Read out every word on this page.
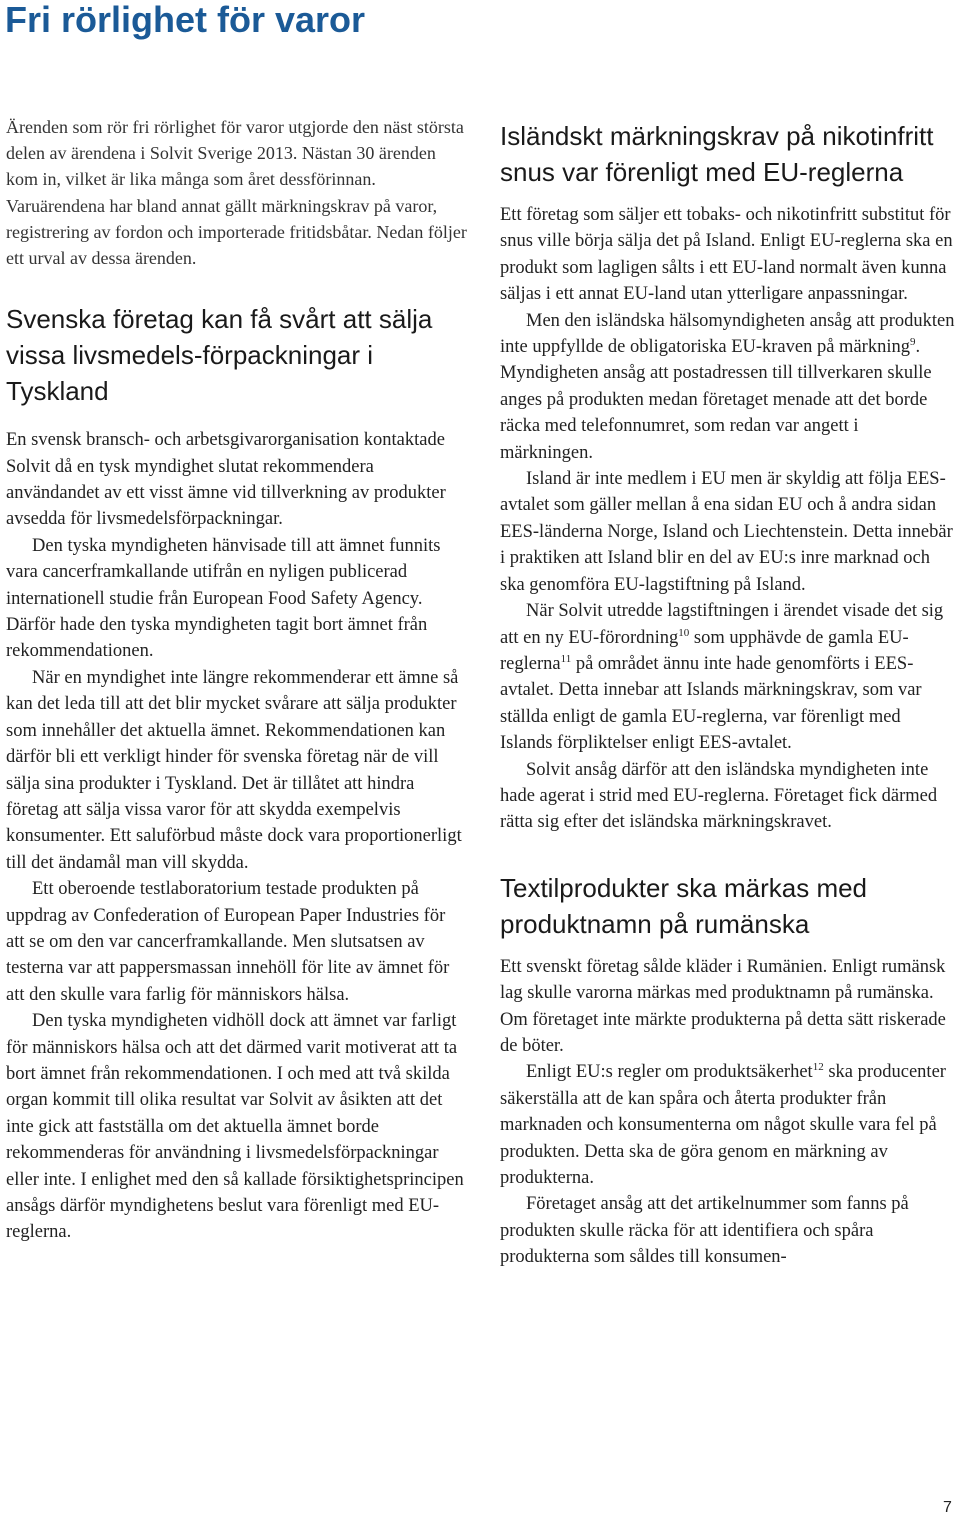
Fri rörlighet för varor

Ärenden som rör fri rörlighet för varor utgjorde den näst största delen av ärendena i Solvit Sverige 2013. Nästan 30 ärenden kom in, vilket är lika många som året dessförinnan. Varuärendena har bland annat gällt märkningskrav på varor, registrering av fordon och importerade fritidsbåtar. Nedan följer ett urval av dessa ärenden.

Svenska företag kan få svårt att sälja vissa livsmedels-förpackningar i Tyskland

En svensk bransch- och arbetsgivarorganisation kontaktade Solvit då en tysk myndighet slutat rekommendera användandet av ett visst ämne vid tillverkning av produkter avsedda för livsmedelsförpackningar.

Den tyska myndigheten hänvisade till att ämnet funnits vara cancerframkallande utifrån en nyligen publicerad internationell studie från European Food Safety Agency. Därför hade den tyska myndigheten tagit bort ämnet från rekommendationen.

När en myndighet inte längre rekommenderar ett ämne så kan det leda till att det blir mycket svårare att sälja produkter som innehåller det aktuella ämnet. Rekommendationen kan därför bli ett verkligt hinder för svenska företag när de vill sälja sina produkter i Tyskland. Det är tillåtet att hindra företag att sälja vissa varor för att skydda exempelvis konsumenter. Ett saluförbud måste dock vara proportionerligt till det ändamål man vill skydda.

Ett oberoende testlaboratorium testade produkten på uppdrag av Confederation of European Paper Industries för att se om den var cancerframkallande. Men slutsatsen av testerna var att pappersmassan innehöll för lite av ämnet för att den skulle vara farlig för människors hälsa.

Den tyska myndigheten vidhöll dock att ämnet var farligt för människors hälsa och att det därmed varit motiverat att ta bort ämnet från rekommendationen. I och med att två skilda organ kommit till olika resultat var Solvit av åsikten att det inte gick att fastställa om det aktuella ämnet borde rekommenderas för användning i livsmedelsförpackningar eller inte. I enlighet med den så kallade försiktighetsprincipen ansågs därför myndighetens beslut vara förenligt med EU-reglerna.

Isländskt märkningskrav på nikotinfritt snus var förenligt med EU-reglerna

Ett företag som säljer ett tobaks- och nikotinfritt substitut för snus ville börja sälja det på Island. Enligt EU-reglerna ska en produkt som lagligen sålts i ett EU-land normalt även kunna säljas i ett annat EU-land utan ytterligare anpassningar.

Men den isländska hälsomyndigheten ansåg att produkten inte uppfyllde de obligatoriska EU-kraven på märkning$^9$. Myndigheten ansåg att postadressen till tillverkaren skulle anges på produkten medan företaget menade att det borde räcka med telefonnumret, som redan var angett i märkningen.

Island är inte medlem i EU men är skyldig att följa EES-avtalet som gäller mellan å ena sidan EU och å andra sidan EES-länderna Norge, Island och Liechtenstein. Detta innebär i praktiken att Island blir en del av EU:s inre marknad och ska genomföra EU-lagstiftning på Island.

När Solvit utredde lagstiftningen i ärendet visade det sig att en ny EU-förordning$^{10}$ som upphävde de gamla EU-reglerna$^{11}$ på området ännu inte hade genomförts i EES-avtalet. Detta innebar att Islands märkningskrav, som var ställda enligt de gamla EU-reglerna, var förenligt med Islands förpliktelser enligt EES-avtalet.

Solvit ansåg därför att den isländska myndigheten inte hade agerat i strid med EU-reglerna. Företaget fick därmed rätta sig efter det isländska märkningskravet.

Textilprodukter ska märkas med produktnamn på rumänska

Ett svenskt företag sålde kläder i Rumänien. Enligt rumänsk lag skulle varorna märkas med produktnamn på rumänska. Om företaget inte märkte produkterna på detta sätt riskerade de böter.

Enligt EU:s regler om produktsäkerhet$^{12}$ ska producenter säkerställa att de kan spåra och återta produkter från marknaden och konsumenterna om något skulle vara fel på produkten. Detta ska de göra genom en märkning av produkterna.

Företaget ansåg att det artikelnummer som fanns på produkten skulle räcka för att identifiera och spåra produkterna som såldes till konsumen-

7
